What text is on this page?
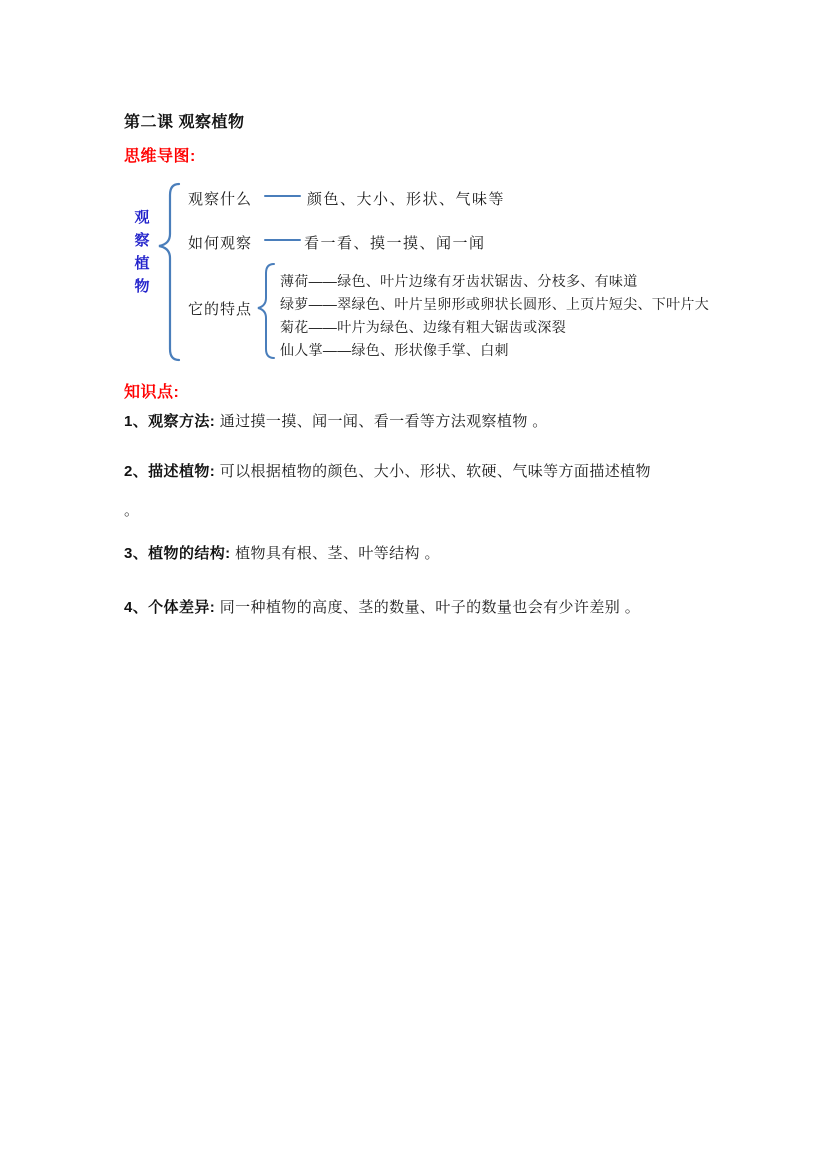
第二课 观察植物
思维导图:
观察植物
观察什么	颜色、大小、形状、气味等
如何观察	看一看、摸一摸、闻一闻
它的特点
薄荷——绿色、叶片边缘有牙齿状锯齿、分枝多、有味道
绿萝——翠绿色、叶片呈卵形或卵状长圆形、上页片短尖、下叶片大
菊花——叶片为绿色、边缘有粗大锯齿或深裂
仙人掌——绿色、形状像手掌、白刺
知识点:
1、观察方法: 通过摸一摸、闻一闻、看一看等方法观察植物 。
2、描述植物: 可以根据植物的颜色、大小、形状、软硬、气味等方面描述植物
。
3、植物的结构: 植物具有根、茎、叶等结构 。
4、个体差异: 同一种植物的高度、茎的数量、叶子的数量也会有少许差别 。
